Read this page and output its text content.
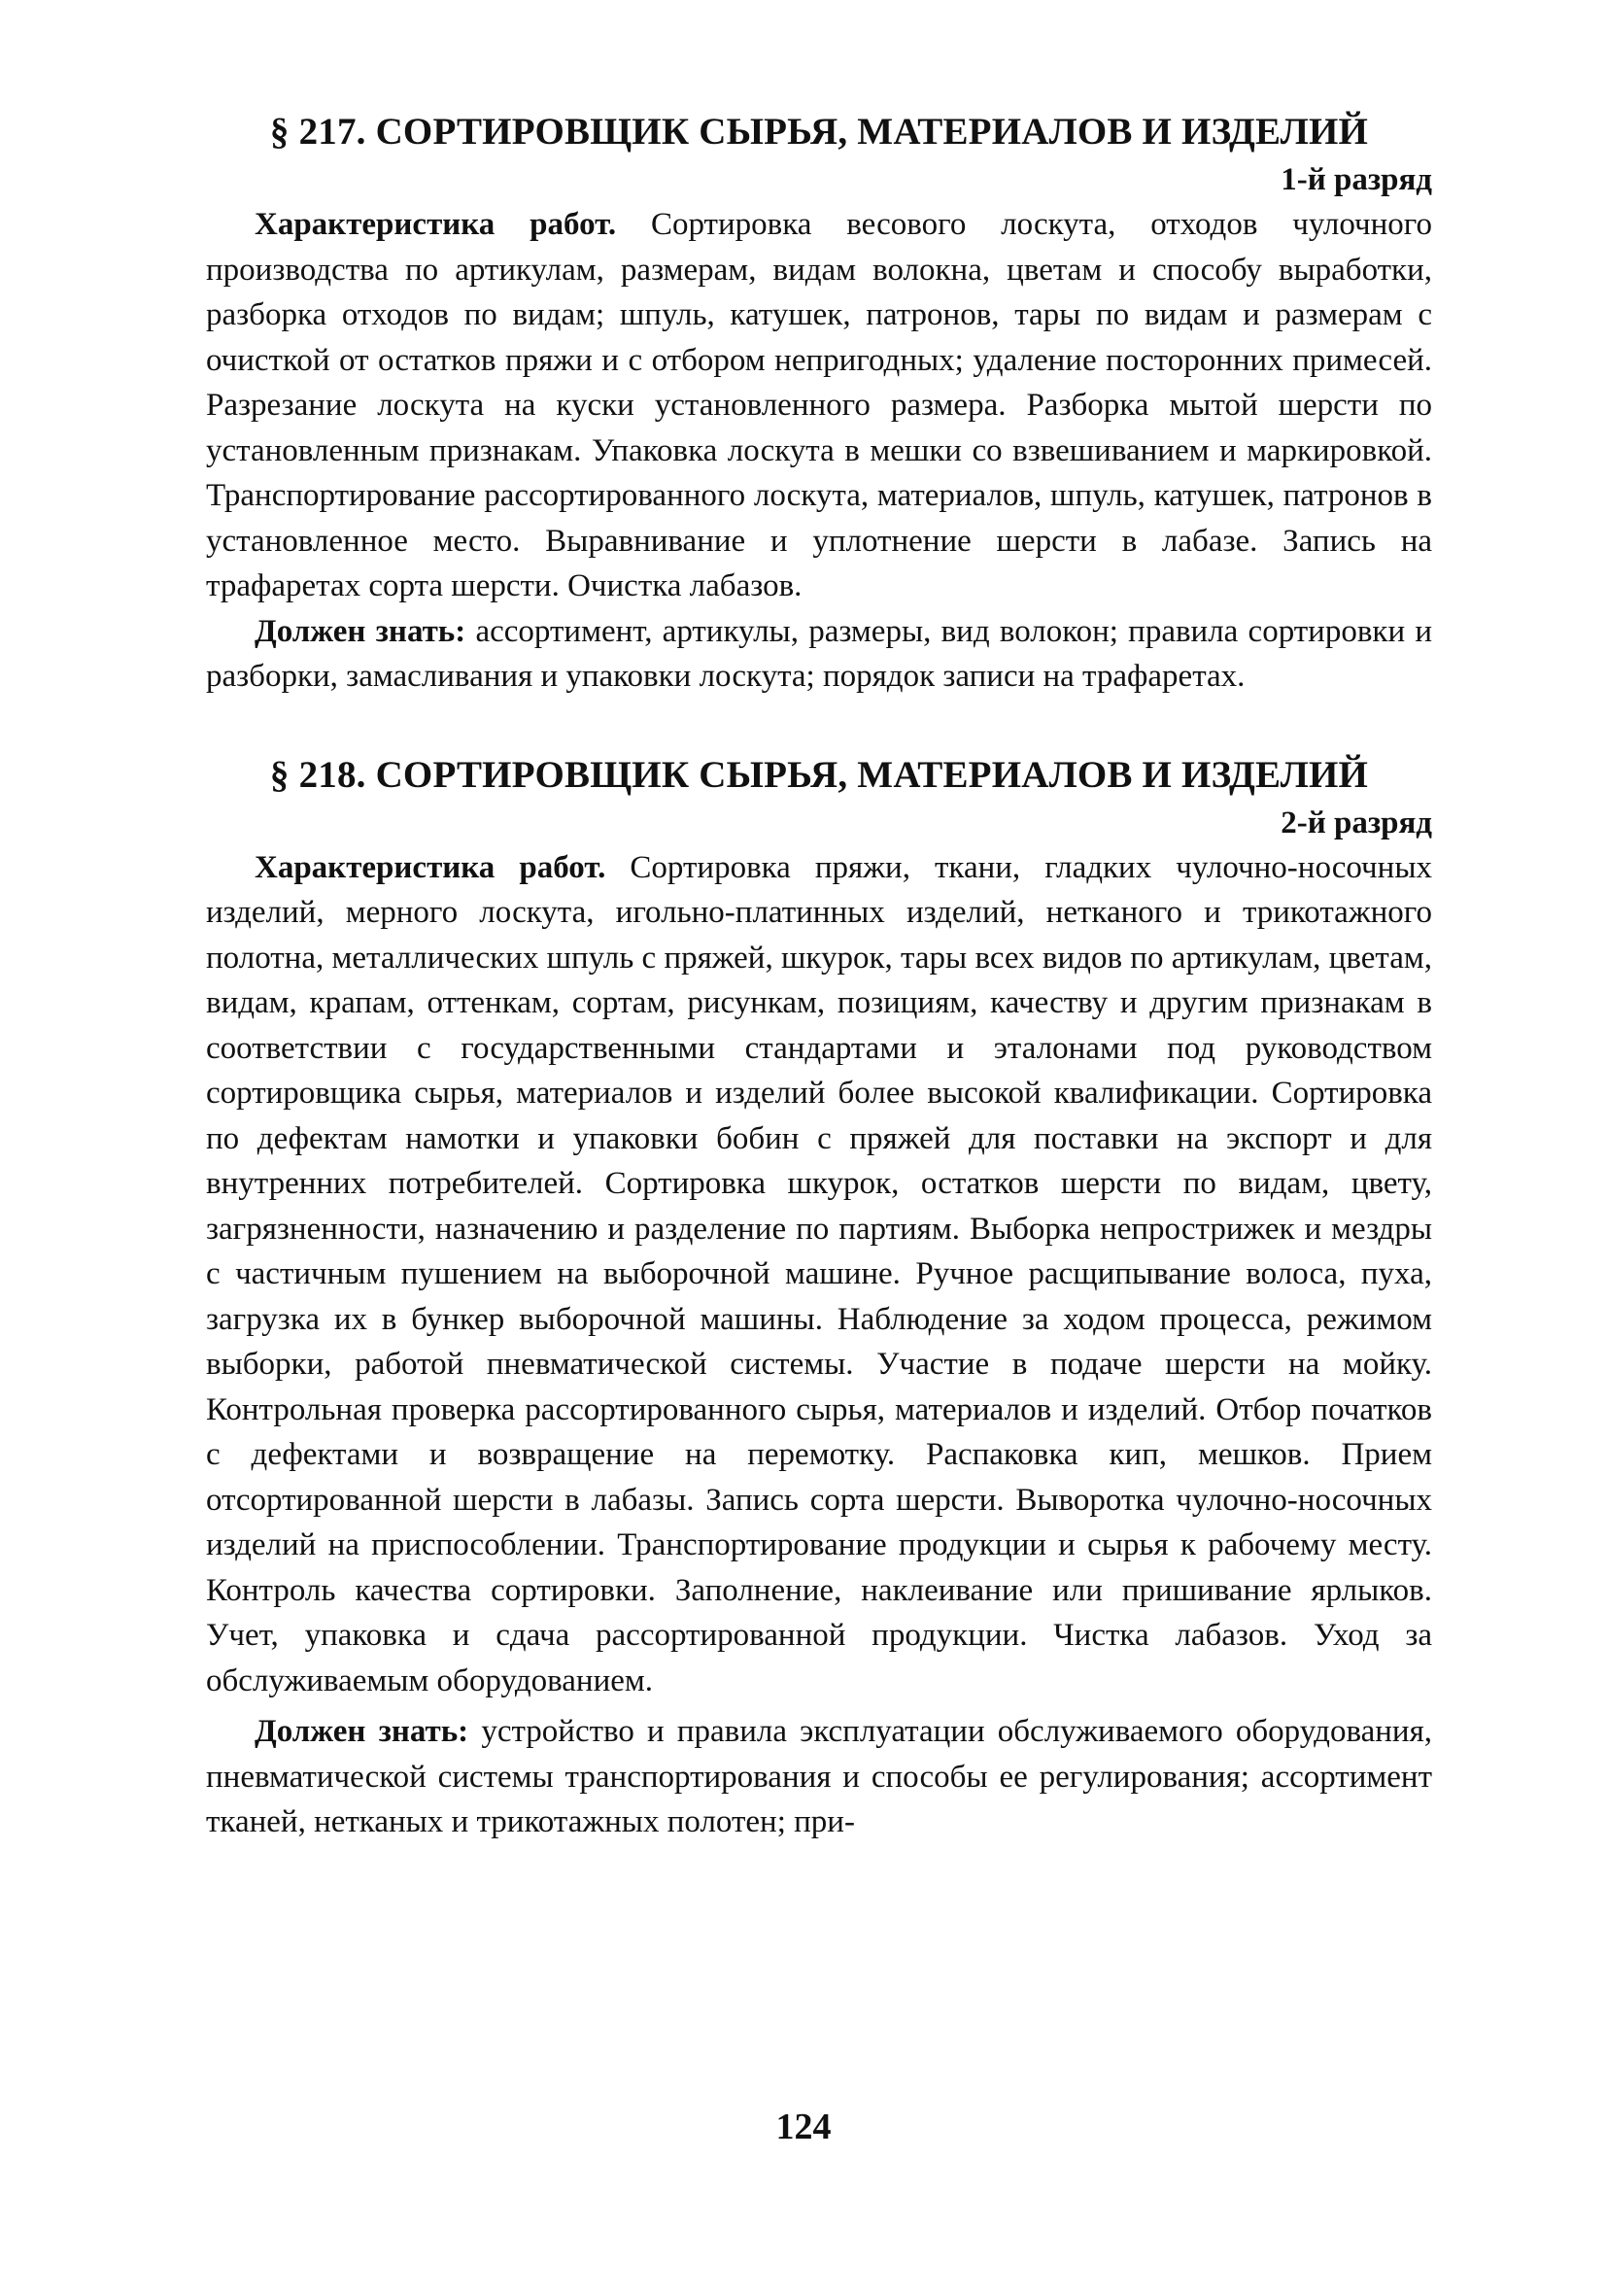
§ 217. СОРТИРОВЩИК СЫРЬЯ, МАТЕРИАЛОВ И ИЗДЕЛИЙ

1-й разряд

Характеристика работ. Сортировка весового лоскута, отходов чулочного производства по артикулам, размерам, видам волокна, цветам и способу выработки, разборка отходов по видам; шпуль, катушек, патронов, тары по видам и размерам с очисткой от остатков пряжи и с отбором непригодных; удаление посторонних примесей. Разрезание лоскута на куски установленного размера. Разборка мытой шерсти по установленным признакам. Упаковка лоскута в мешки со взвешиванием и маркировкой. Транспортирование рассортированного лоскута, материалов, шпуль, катушек, патронов в установленное место. Выравнивание и уплотнение шерсти в лабазе. Запись на трафаретах сорта шерсти. Очистка лабазов.

Должен знать: ассортимент, артикулы, размеры, вид волокон; правила сортировки и разборки, замасливания и упаковки лоскута; порядок записи на трафаретах.

§ 218. СОРТИРОВЩИК СЫРЬЯ, МАТЕРИАЛОВ И ИЗДЕЛИЙ

2-й разряд

Характеристика работ. Сортировка пряжи, ткани, гладких чулочно-носочных изделий, мерного лоскута, игольно-платинных изделий, нетканого и трикотажного полотна, металлических шпуль с пряжей, шкурок, тары всех видов по артикулам, цветам, видам, крапам, оттенкам, сортам, рисункам, позициям, качеству и другим признакам в соответствии с государственными стандартами и эталонами под руководством сортировщика сырья, материалов и изделий более высокой квалификации. Сортировка по дефектам намотки и упаковки бобин с пряжей для поставки на экспорт и для внутренних потребителей. Сортировка шкурок, остатков шерсти по видам, цвету, загрязненности, назначению и разделение по партиям. Выборка непрострижек и мездры с частичным пушением на выборочной машине. Ручное расщипывание волоса, пуха, загрузка их в бункер выборочной машины. Наблюдение за ходом процесса, режимом выборки, работой пневматической системы. Участие в подаче шерсти на мойку. Контрольная проверка рассортированного сырья, материалов и изделий. Отбор початков с дефектами и возвращение на перемотку. Распаковка кип, мешков. Прием отсортированной шерсти в лабазы. Запись сорта шерсти. Выворотка чулочно-носочных изделий на приспособлении. Транспортирование продукции и сырья к рабочему месту. Контроль качества сортировки. Заполнение, наклеивание или пришивание ярлыков. Учет, упаковка и сдача рассортированной продукции. Чистка лабазов. Уход за обслуживаемым оборудованием.

Должен знать: устройство и правила эксплуатации обслуживаемого оборудования, пневматической системы транспортирования и способы ее регулирования; ассортимент тканей, нетканых и трикотажных полотен; при-

124
